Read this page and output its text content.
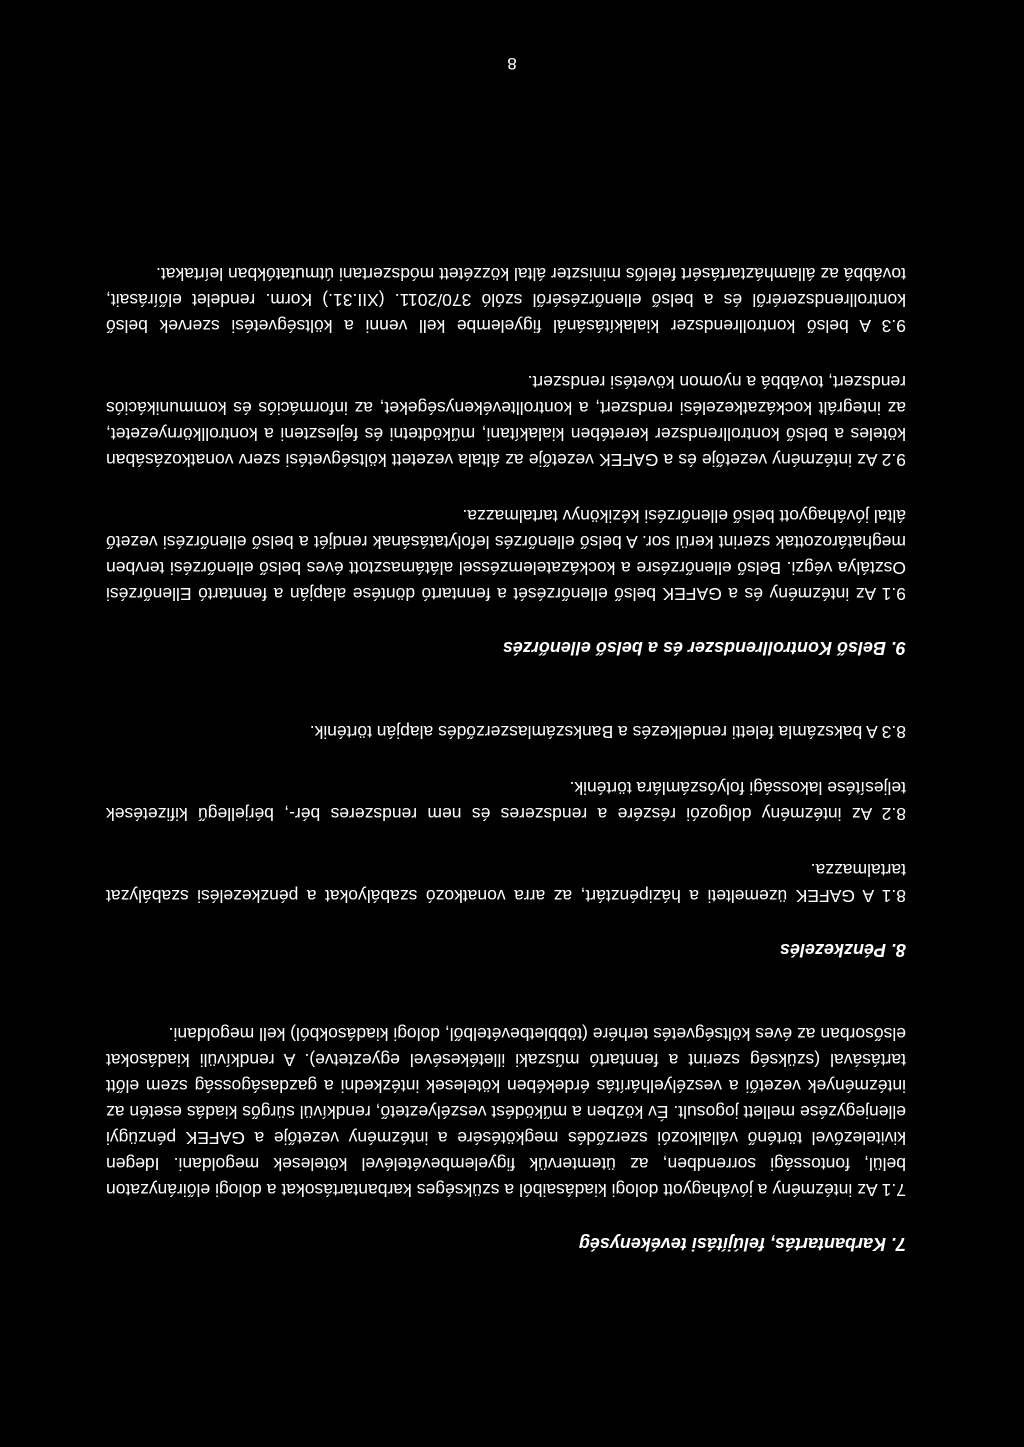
7. Karbantartás, felújítási tevékenység
7.1 Az intézmény a jóváhagyott dologi kiadásaiból a szükséges karbantartásokat a dologi előirányzaton belül, fontossági sorrendben, az ütemtervük figyelembevételével kötelesek megoldani. Idegen kivitelezővel történő vállalkozói szerződés megkötésére a intézmény vezetője a GAFEK pénzügyi ellenjegyzése mellett jogosult. Év közben a működést veszélyeztető, rendkívül sürgős kiadás esetén az intézmények vezetői a veszélyelhárítás érdekében kötelesek intézkedni a gazdaságosság szem előtt tartásával (szükség szerint a fenntartó műszaki illetékesével egyeztetve). A rendkívüli kiadásokat elsősorban az éves költségvetés terhére (többletbevételből, dologi kiadásokból) kell megoldani.
8. Pénzkezelés
8.1 A GAFEK üzemelteti a házipénztárt, az arra vonatkozó szabályokat a pénzkezelési szabályzat tartalmazza.
8.2 Az intézmény dolgozói részére a rendszeres és nem rendszeres bér-, bérjellegű kifizetések teljesítése lakossági folyószámlára történik.
8.3 A bakszámla feletti rendelkezés a Bankszámlaszerződés alapján történik.
9. Belső Kontrollrendszer és a belső ellenőrzés
9.1 Az intézmény és a GAFEK belső ellenőrzését a fenntartó döntése alapján a fenntartó Ellenőrzési Osztálya végzi. Belső ellenőrzésre a kockázatelemzéssel alátámasztott éves belső ellenőrzési tervben meghatározottak szerint kerül sor. A belső ellenőrzés lefolytatásának rendjét a belső ellenőrzési vezető által jóváhagyott belső ellenőrzési kézikönyv tartalmazza.
9.2 Az intézmény vezetője és a GAFEK vezetője az általa vezetett költségvetési szerv vonatkozásában köteles a belső kontrollrendszer keretében kialakítani, működtetni és fejleszteni a kontrollkörnyezetet, az integrált kockázatkezelési rendszert, a kontrolltevékenységeket, az információs és kommunikációs rendszert, továbbá a nyomon követési rendszert.
9.3 A belső kontrollrendszer kialakításánál figyelembe kell venni a költségvetési szervek belső kontrollrendszeréről és a belső ellenőrzéséről szóló 370/2011. (XII.31.) Korm. rendelet előírásait, továbbá az államháztartásért felelős miniszter által közzétett módszertani útmutatókban leírtakat.
8
